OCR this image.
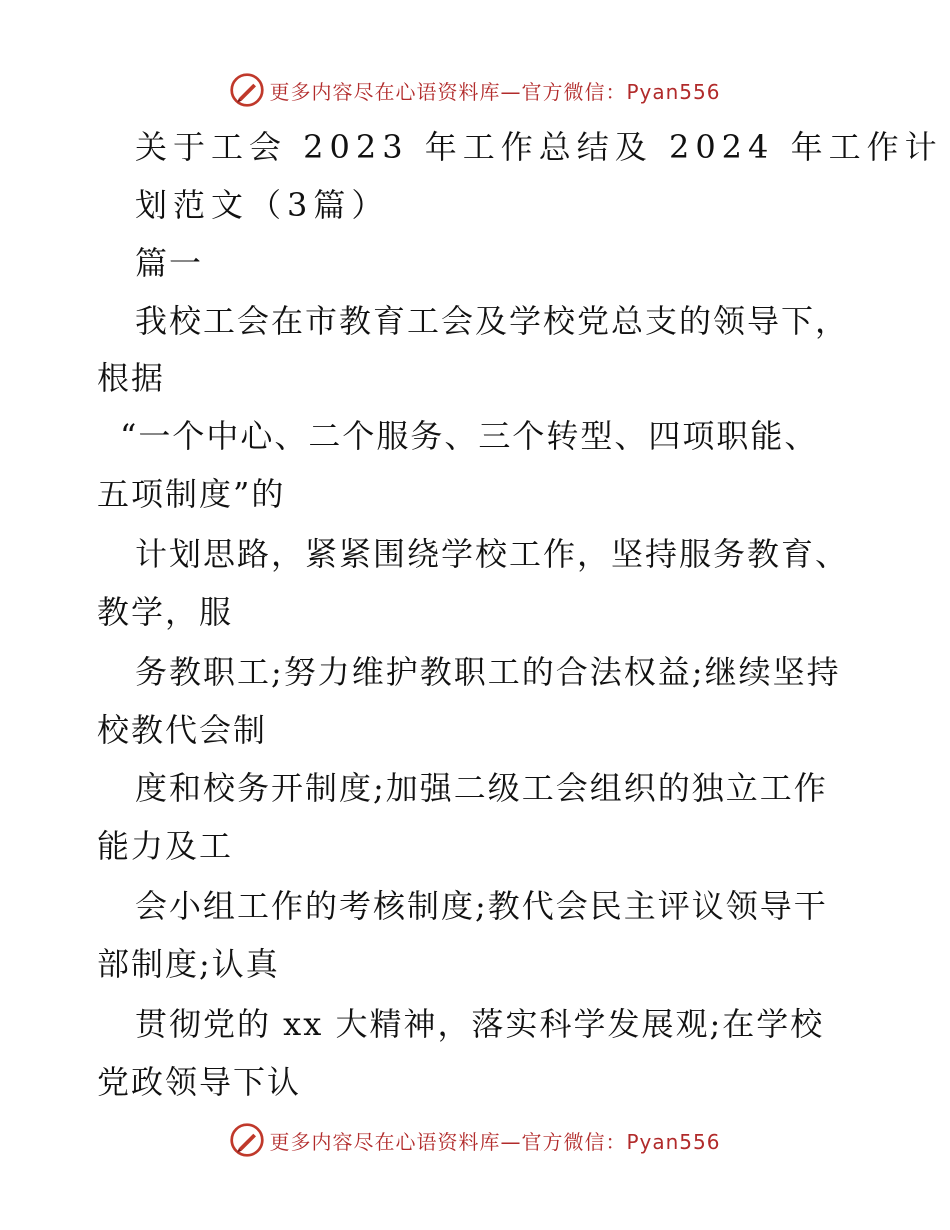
更多内容尽在心语资料库—官方微信：Pyan556
关于工会 2023 年工作总结及 2024 年工作计
划范文（3篇）
篇一
我校工会在市教育工会及学校党总支的领导下，
根据
“一个中心、二个服务、三个转型、四项职能、
五项制度”的
计划思路，紧紧围绕学校工作，坚持服务教育、
教学，服
务教职工;努力维护教职工的合法权益;继续坚持
校教代会制
度和校务开制度;加强二级工会组织的独立工作
能力及工
会小组工作的考核制度;教代会民主评议领导干
部制度;认真
贯彻党的 xx 大精神，落实科学发展观;在学校
党政领导下认
更多内容尽在心语资料库—官方微信：Pyan556
